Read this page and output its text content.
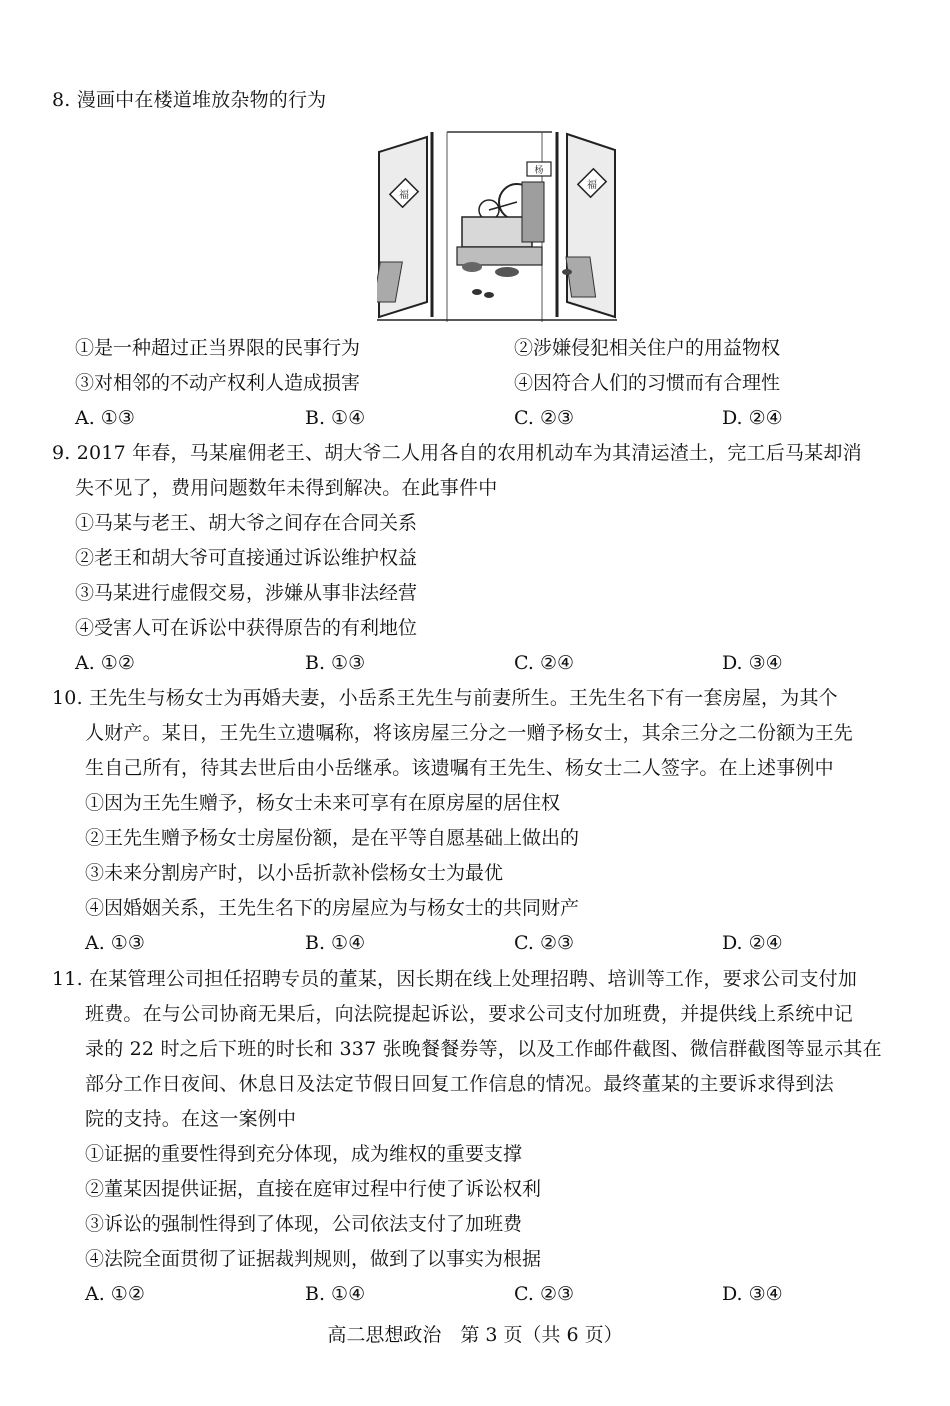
8. 漫画中在楼道堆放杂物的行为
福
福
杨
①是一种超过正当界限的民事行为	②涉嫌侵犯相关住户的用益物权
③对相邻的不动产权利人造成损害	④因符合人们的习惯而有合理性
A. ①③	B. ①④	C. ②③	D. ②④
9. 2017 年春，马某雇佣老王、胡大爷二人用各自的农用机动车为其清运渣土，完工后马某却消
失不见了，费用问题数年未得到解决。在此事件中
①马某与老王、胡大爷之间存在合同关系
②老王和胡大爷可直接通过诉讼维护权益
③马某进行虚假交易，涉嫌从事非法经营
④受害人可在诉讼中获得原告的有利地位
A. ①②	B. ①③	C. ②④	D. ③④
10. 王先生与杨女士为再婚夫妻，小岳系王先生与前妻所生。王先生名下有一套房屋，为其个
人财产。某日，王先生立遗嘱称，将该房屋三分之一赠予杨女士，其余三分之二份额为王先
生自己所有，待其去世后由小岳继承。该遗嘱有王先生、杨女士二人签字。在上述事例中
①因为王先生赠予，杨女士未来可享有在原房屋的居住权
②王先生赠予杨女士房屋份额，是在平等自愿基础上做出的
③未来分割房产时，以小岳折款补偿杨女士为最优
④因婚姻关系，王先生名下的房屋应为与杨女士的共同财产
A. ①③	B. ①④	C. ②③	D. ②④
11. 在某管理公司担任招聘专员的董某，因长期在线上处理招聘、培训等工作，要求公司支付加
班费。在与公司协商无果后，向法院提起诉讼，要求公司支付加班费，并提供线上系统中记
录的 22 时之后下班的时长和 337 张晚餐餐券等，以及工作邮件截图、微信群截图等显示其在
部分工作日夜间、休息日及法定节假日回复工作信息的情况。最终董某的主要诉求得到法
院的支持。在这一案例中
①证据的重要性得到充分体现，成为维权的重要支撑
②董某因提供证据，直接在庭审过程中行使了诉讼权利
③诉讼的强制性得到了体现，公司依法支付了加班费
④法院全面贯彻了证据裁判规则，做到了以事实为根据
A. ①②	B. ①④	C. ②③	D. ③④
高二思想政治　第 3 页（共 6 页）
